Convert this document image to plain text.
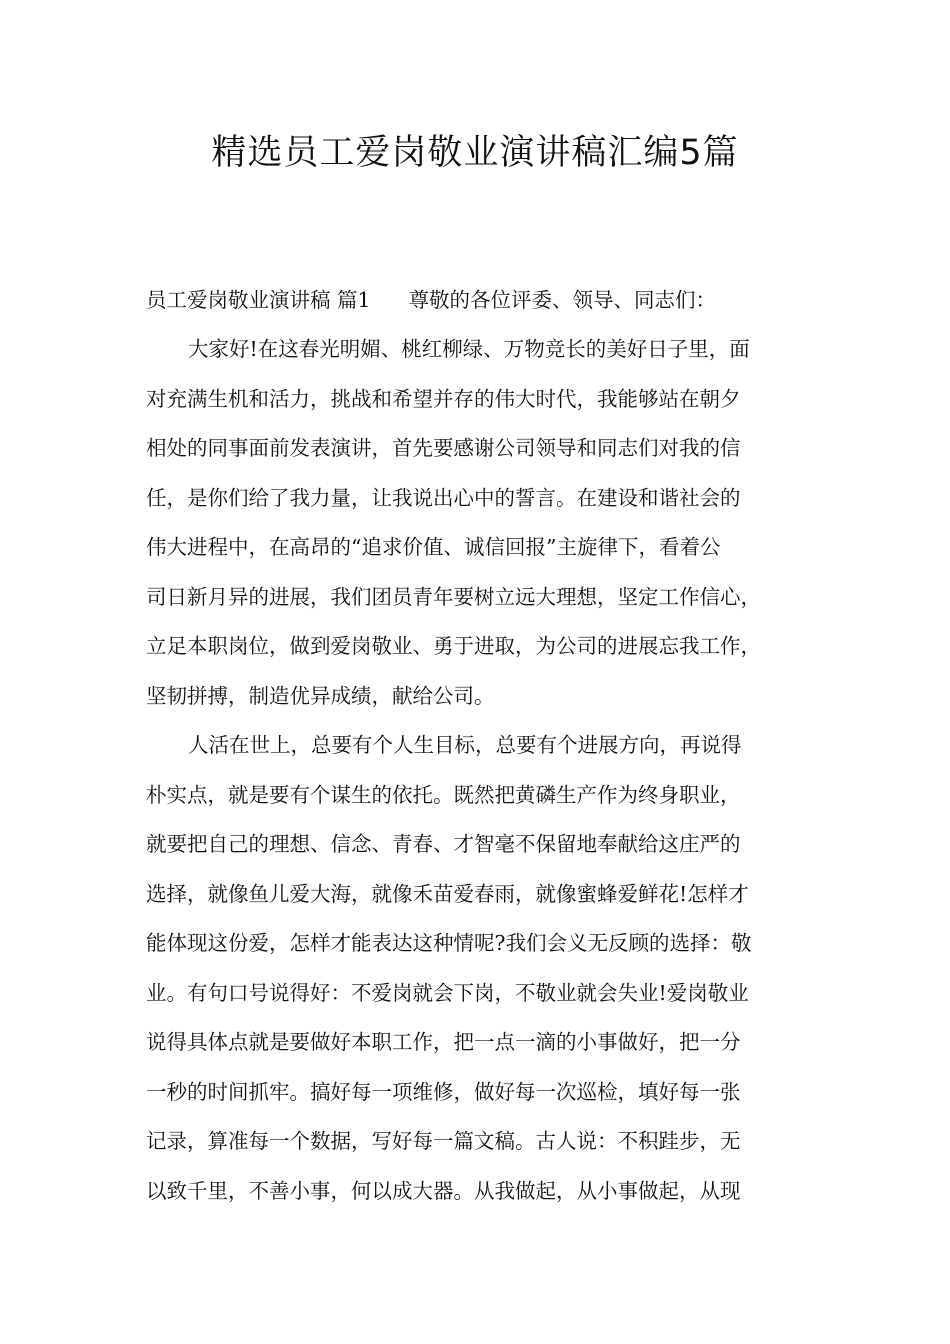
精选员工爱岗敬业演讲稿汇编5篇

员工爱岗敬业演讲稿 篇1 尊敬的各位评委、领导、同志们：

大家好!在这春光明媚、桃红柳绿、万物竞长的美好日子里，面
对充满生机和活力，挑战和希望并存的伟大时代，我能够站在朝夕
相处的同事面前发表演讲，首先要感谢公司领导和同志们对我的信
任，是你们给了我力量，让我说出心中的誓言。在建设和谐社会的
伟大进程中，在高昂的“追求价值、诚信回报”主旋律下，看着公
司日新月异的进展，我们团员青年要树立远大理想，坚定工作信心，
立足本职岗位，做到爱岗敬业、勇于进取，为公司的进展忘我工作，
坚韧拼搏，制造优异成绩，献给公司。
人活在世上，总要有个人生目标，总要有个进展方向，再说得
朴实点，就是要有个谋生的依托。既然把黄磷生产作为终身职业，
就要把自己的理想、信念、青春、才智毫不保留地奉献给这庄严的
选择，就像鱼儿爱大海，就像禾苗爱春雨，就像蜜蜂爱鲜花!怎样才
能体现这份爱，怎样才能表达这种情呢?我们会义无反顾的选择：敬
业。有句口号说得好：不爱岗就会下岗，不敬业就会失业!爱岗敬业
说得具体点就是要做好本职工作，把一点一滴的小事做好，把一分
一秒的时间抓牢。搞好每一项维修，做好每一次巡检，填好每一张
记录，算准每一个数据，写好每一篇文稿。古人说：不积跬步，无
以致千里，不善小事，何以成大器。从我做起，从小事做起，从现
